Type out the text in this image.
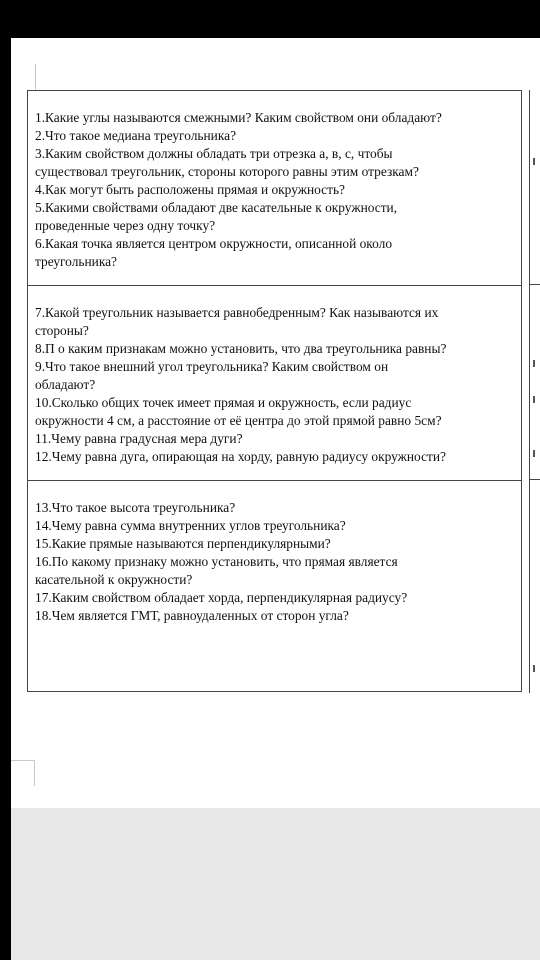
1.Какие углы называются смежными? Каким свойством они обладают?
2.Что такое медиана треугольника?
3.Каким свойством должны обладать три отрезка а, в, с, чтобы
существовал треугольник, стороны которого равны этим отрезкам?
4.Как могут быть расположены прямая и окружность?
5.Какими свойствами обладают две касательные к окружности,
проведенные через одну точку?
6.Какая точка является центром окружности, описанной около
треугольника?
7.Какой треугольник называется равнобедренным? Как называются их
стороны?
8.П о каким признакам можно установить, что два треугольника равны?
9.Что такое внешний угол треугольника? Каким свойством он
обладают?
10.Сколько общих точек имеет прямая и окружность, если радиус
окружности 4 см, а расстояние от её центра до этой прямой равно 5см?
11.Чему равна градусная мера дуги?
12.Чему равна дуга, опирающая на хорду, равную радиусу окружности?
13.Что такое высота треугольника?
14.Чему равна сумма внутренних углов треугольника?
15.Какие прямые называются перпендикулярными?
16.По какому признаку можно установить, что прямая является
касательной к окружности?
17.Каким свойством обладает хорда, перпендикулярная радиусу?
18.Чем является ГМТ, равноудаленных от сторон угла?
